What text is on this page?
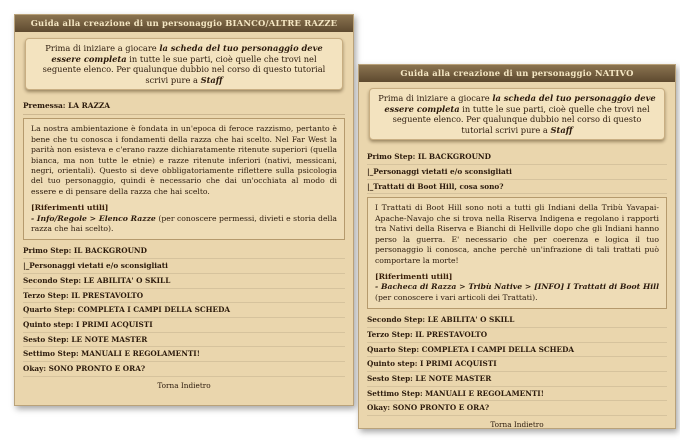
Guida alla creazione di un personaggio BIANCO/ALTRE RAZZE
Prima di iniziare a giocare la scheda del tuo personaggio deve essere completa in tutte le sue parti, cioè quelle che trovi nel seguente elenco. Per qualunque dubbio nel corso di questo tutorial scrivi pure a Staff
Premessa: LA RAZZA
La nostra ambientazione è fondata in un'epoca di feroce razzismo, pertanto è bene che tu conosca i fondamenti della razza che hai scelto. Nel Far West la parità non esisteva e c'erano razze dichiaratamente ritenute superiori (quella bianca, ma non tutte le etnie) e razze ritenute inferiori (nativi, messicani, negri, orientali). Questo si deve obbligatoriamente riflettere sulla psicologia del tuo personaggio, quindi è necessario che dai un'occhiata al modo di essere e di pensare della razza che hai scelto.
[Riferimenti utili]
- Info/Regole > Elenco Razze (per conoscere permessi, divieti e storia della razza che hai scelto).
Primo Step: IL BACKGROUND
|_Personaggi vietati e/o sconsigliati
Secondo Step: LE ABILITA' O SKILL
Terzo Step: IL PRESTAVOLTO
Quarto Step: COMPLETA I CAMPI DELLA SCHEDA
Quinto step: I PRIMI ACQUISTI
Sesto Step: LE NOTE MASTER
Settimo Step: MANUALI E REGOLAMENTI!
Okay: SONO PRONTO E ORA?
Torna Indietro
Guida alla creazione di un personaggio NATIVO
Prima di iniziare a giocare la scheda del tuo personaggio deve essere completa in tutte le sue parti, cioè quelle che trovi nel seguente elenco. Per qualunque dubbio nel corso di questo tutorial scrivi pure a Staff
Primo Step: IL BACKGROUND
|_Personaggi vietati e/o sconsigliati
|_Trattati di Boot Hill, cosa sono?
I Trattati di Boot Hill sono noti a tutti gli Indiani della Tribù Yavapai-Apache-Navajo che si trova nella Riserva Indigena e regolano i rapporti tra Nativi della Riserva e Bianchi di Hellville dopo che gli Indiani hanno perso la guerra. E' necessario che per coerenza e logica il tuo personaggio li conosca, anche perchè un'infrazione di tali trattati può comportare la morte!
[Riferimenti utili]
- Bacheca di Razza > Tribù Native > [INFO] I Trattati di Boot Hill (per conoscere i vari articoli dei Trattati).
Secondo Step: LE ABILITA' O SKILL
Terzo Step: IL PRESTAVOLTO
Quarto Step: COMPLETA I CAMPI DELLA SCHEDA
Quinto step: I PRIMI ACQUISTI
Sesto Step: LE NOTE MASTER
Settimo Step: MANUALI E REGOLAMENTI!
Okay: SONO PRONTO E ORA?
Torna Indietro
